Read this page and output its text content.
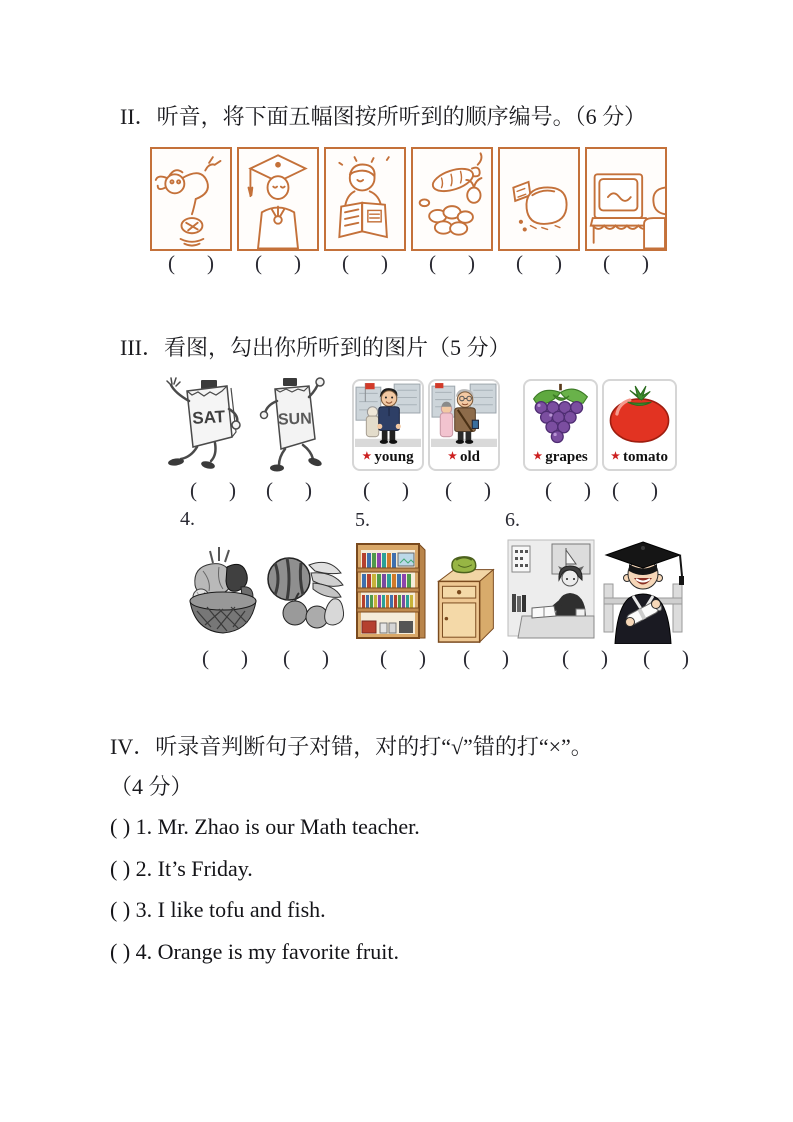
II．听音，将下面五幅图按所听到的顺序编号。（6 分）
( ) ( ) ( ) ( ) ( ) ( )
III．看图，勾出你所听到的图片（5 分）
SAT	SUN
★ young	★ old	★ grapes ★ tomato
( ) ( ) ( ) ( )	( ) ( )
4.	5.	6.
( ) ( ) ( ) ( )	( ) ( )
IV．听录音判断句子对错，对的打“√”错的打“×”。
（4 分）
( ) 1. Mr. Zhao is our Math teacher.
( ) 2. It’s Friday.
( ) 3. I like tofu and fish.
( ) 4. Orange is my favorite fruit.
